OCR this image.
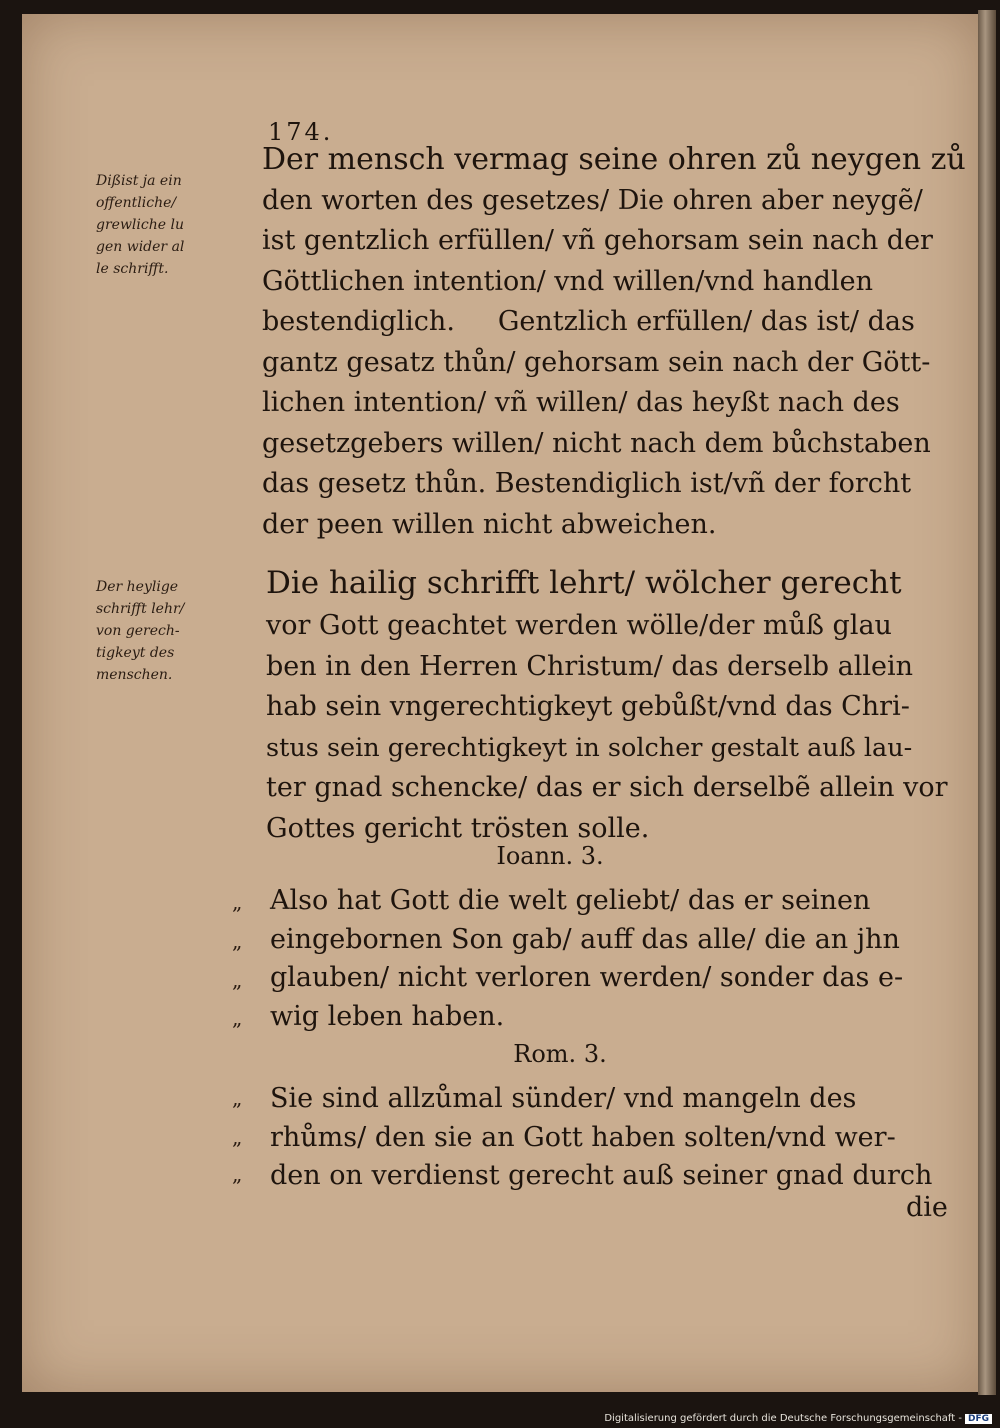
174.
Dißist ja ein
offentliche/
grewliche lu
gen wider al
le schrifft.
Der heylige
schrifft lehr/
von gerech-
tigkeyt des
menschen.
Der mensch vermag seine ohren zů neygen zů
den worten des gesetzes/ Die ohren aber neygẽ/
ist gentzlich erfüllen/ vñ gehorsam sein nach der
Göttlichen intention/ vnd willen/vnd handlen
bestendiglich.     Gentzlich erfüllen/ das ist/ das
gantz gesatz thůn/ gehorsam sein nach der Gött-
lichen intention/ vñ willen/ das heyßt nach des
gesetzgebers willen/ nicht nach dem bůchstaben
das gesetz thůn. Bestendiglich ist/vñ der forcht
der peen willen nicht abweichen.
Die hailig schrifft lehrt/ wölcher gerecht
vor Gott geachtet werden wölle/der můß glau
ben in den Herren Christum/ das derselb allein
hab sein vngerechtigkeyt gebůßt/vnd das Chri-
stus sein gerechtigkeyt in solcher gestalt auß lau-
ter gnad schencke/ das er sich derselbẽ allein vor
Gottes gericht trösten solle.
Ioann. 3.
Also hat Gott die welt geliebt/ das er seinen
eingebornen Son gab/ auff das alle/ die an jhn
glauben/ nicht verloren werden/ sonder das e-
wig leben haben.
„
„
„
„
Rom. 3.
Sie sind allzůmal sünder/ vnd mangeln des
rhůms/ den sie an Gott haben solten/vnd wer-
den on verdienst gerecht auß seiner gnad durch
„
„
„
die
Digitalisierung gefördert durch die Deutsche Forschungsgemeinschaft - DFG
